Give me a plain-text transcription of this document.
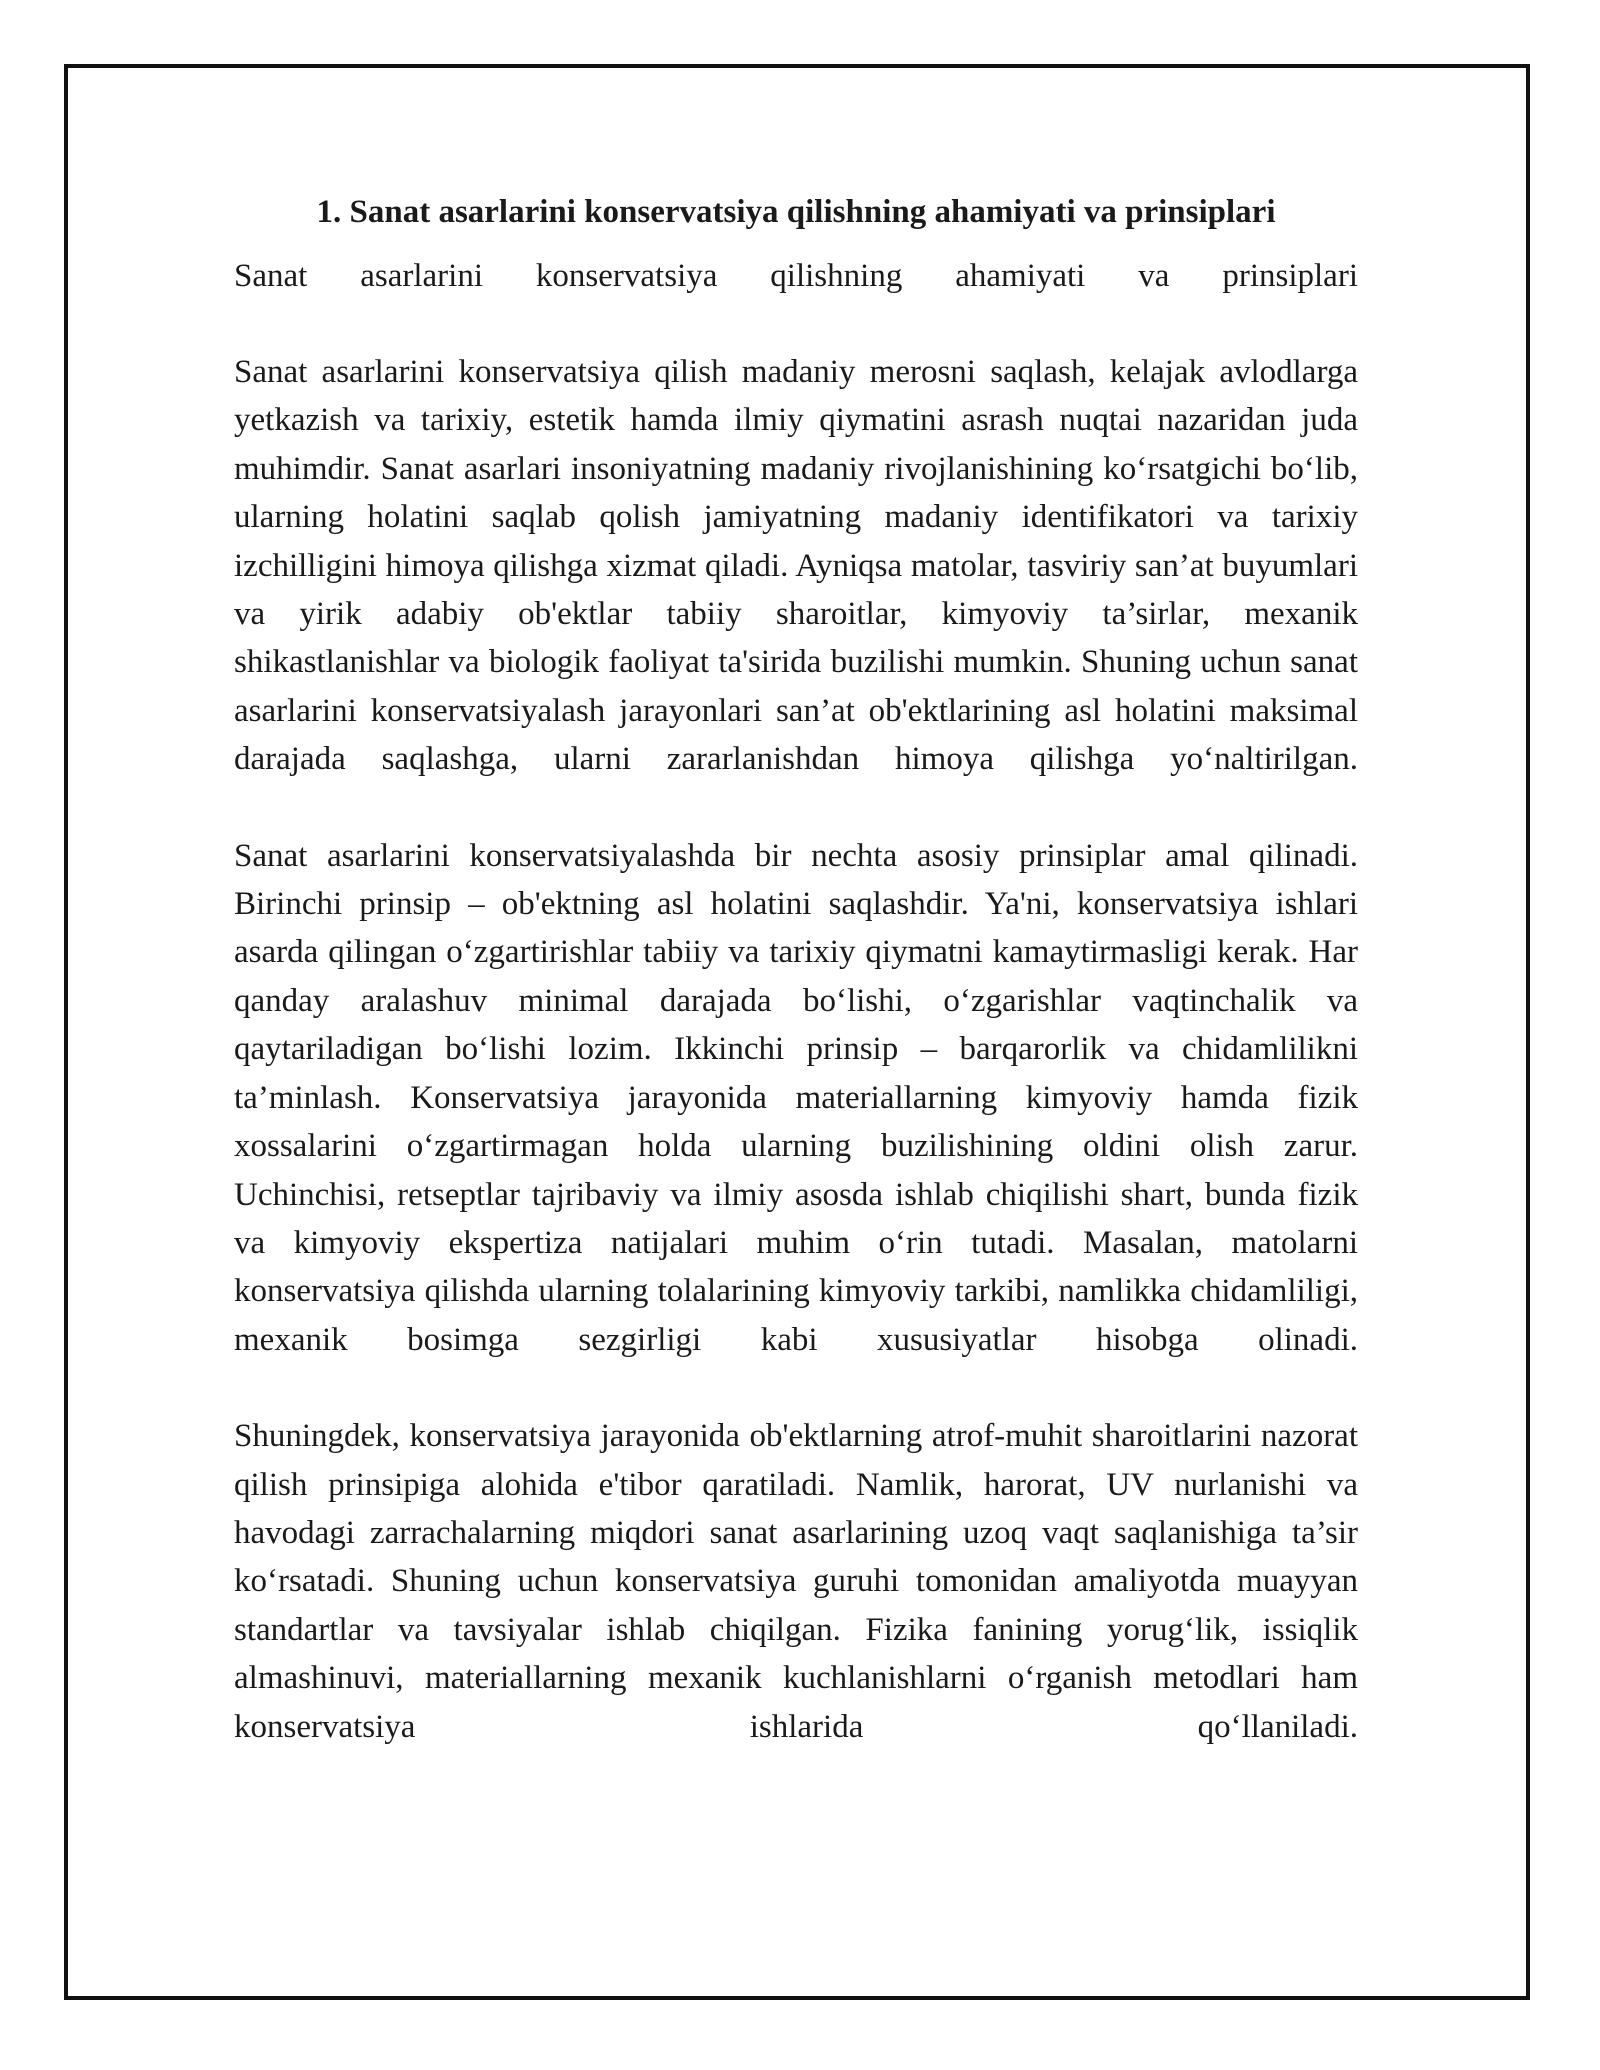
1. Sanat asarlarini konservatsiya qilishning ahamiyati va prinsiplari

Sanat asarlarini konservatsiya qilishning ahamiyati va prinsiplari

Sanat asarlarini konservatsiya qilish madaniy merosni saqlash, kelajak avlodlarga yetkazish va tarixiy, estetik hamda ilmiy qiymatini asrash nuqtai nazaridan juda muhimdir. Sanat asarlari insoniyatning madaniy rivojlanishining ko‘rsatgichi bo‘lib, ularning holatini saqlab qolish jamiyatning madaniy identifikatori va tarixiy izchilligini himoya qilishga xizmat qiladi. Ayniqsa matolar, tasviriy san’at buyumlari va yirik adabiy ob'ektlar tabiiy sharoitlar, kimyoviy ta’sirlar, mexanik shikastlanishlar va biologik faoliyat ta'sirida buzilishi mumkin. Shuning uchun sanat asarlarini konservatsiyalash jarayonlari san’at ob'ektlarining asl holatini maksimal darajada saqlashga, ularni zararlanishdan himoya qilishga yo‘naltirilgan.

Sanat asarlarini konservatsiyalashda bir nechta asosiy prinsiplar amal qilinadi. Birinchi prinsip – ob'ektning asl holatini saqlashdir. Ya'ni, konservatsiya ishlari asarda qilingan o‘zgartirishlar tabiiy va tarixiy qiymatni kamaytirmasligi kerak. Har qanday aralashuv minimal darajada bo‘lishi, o‘zgarishlar vaqtinchalik va qaytariladigan bo‘lishi lozim. Ikkinchi prinsip – barqarorlik va chidamlilikni ta’minlash. Konservatsiya jarayonida materiallarning kimyoviy hamda fizik xossalarini o‘zgartirmagan holda ularning buzilishining oldini olish zarur. Uchinchisi, retseptlar tajribaviy va ilmiy asosda ishlab chiqilishi shart, bunda fizik va kimyoviy ekspertiza natijalari muhim o‘rin tutadi. Masalan, matolarni konservatsiya qilishda ularning tolalarining kimyoviy tarkibi, namlikka chidamliligi, mexanik bosimga sezgirligi kabi xususiyatlar hisobga olinadi.

Shuningdek, konservatsiya jarayonida ob'ektlarning atrof-muhit sharoitlarini nazorat qilish prinsipiga alohida e'tibor qaratiladi. Namlik, harorat, UV nurlanishi va havodagi zarrachalarning miqdori sanat asarlarining uzoq vaqt saqlanishiga ta’sir ko‘rsatadi. Shuning uchun konservatsiya guruhi tomonidan amaliyotda muayyan standartlar va tavsiyalar ishlab chiqilgan. Fizika fanining yorug‘lik, issiqlik almashinuvi, materiallarning mexanik kuchlanishlarni o‘rganish metodlari ham konservatsiya ishlarida qo‘llaniladi.
